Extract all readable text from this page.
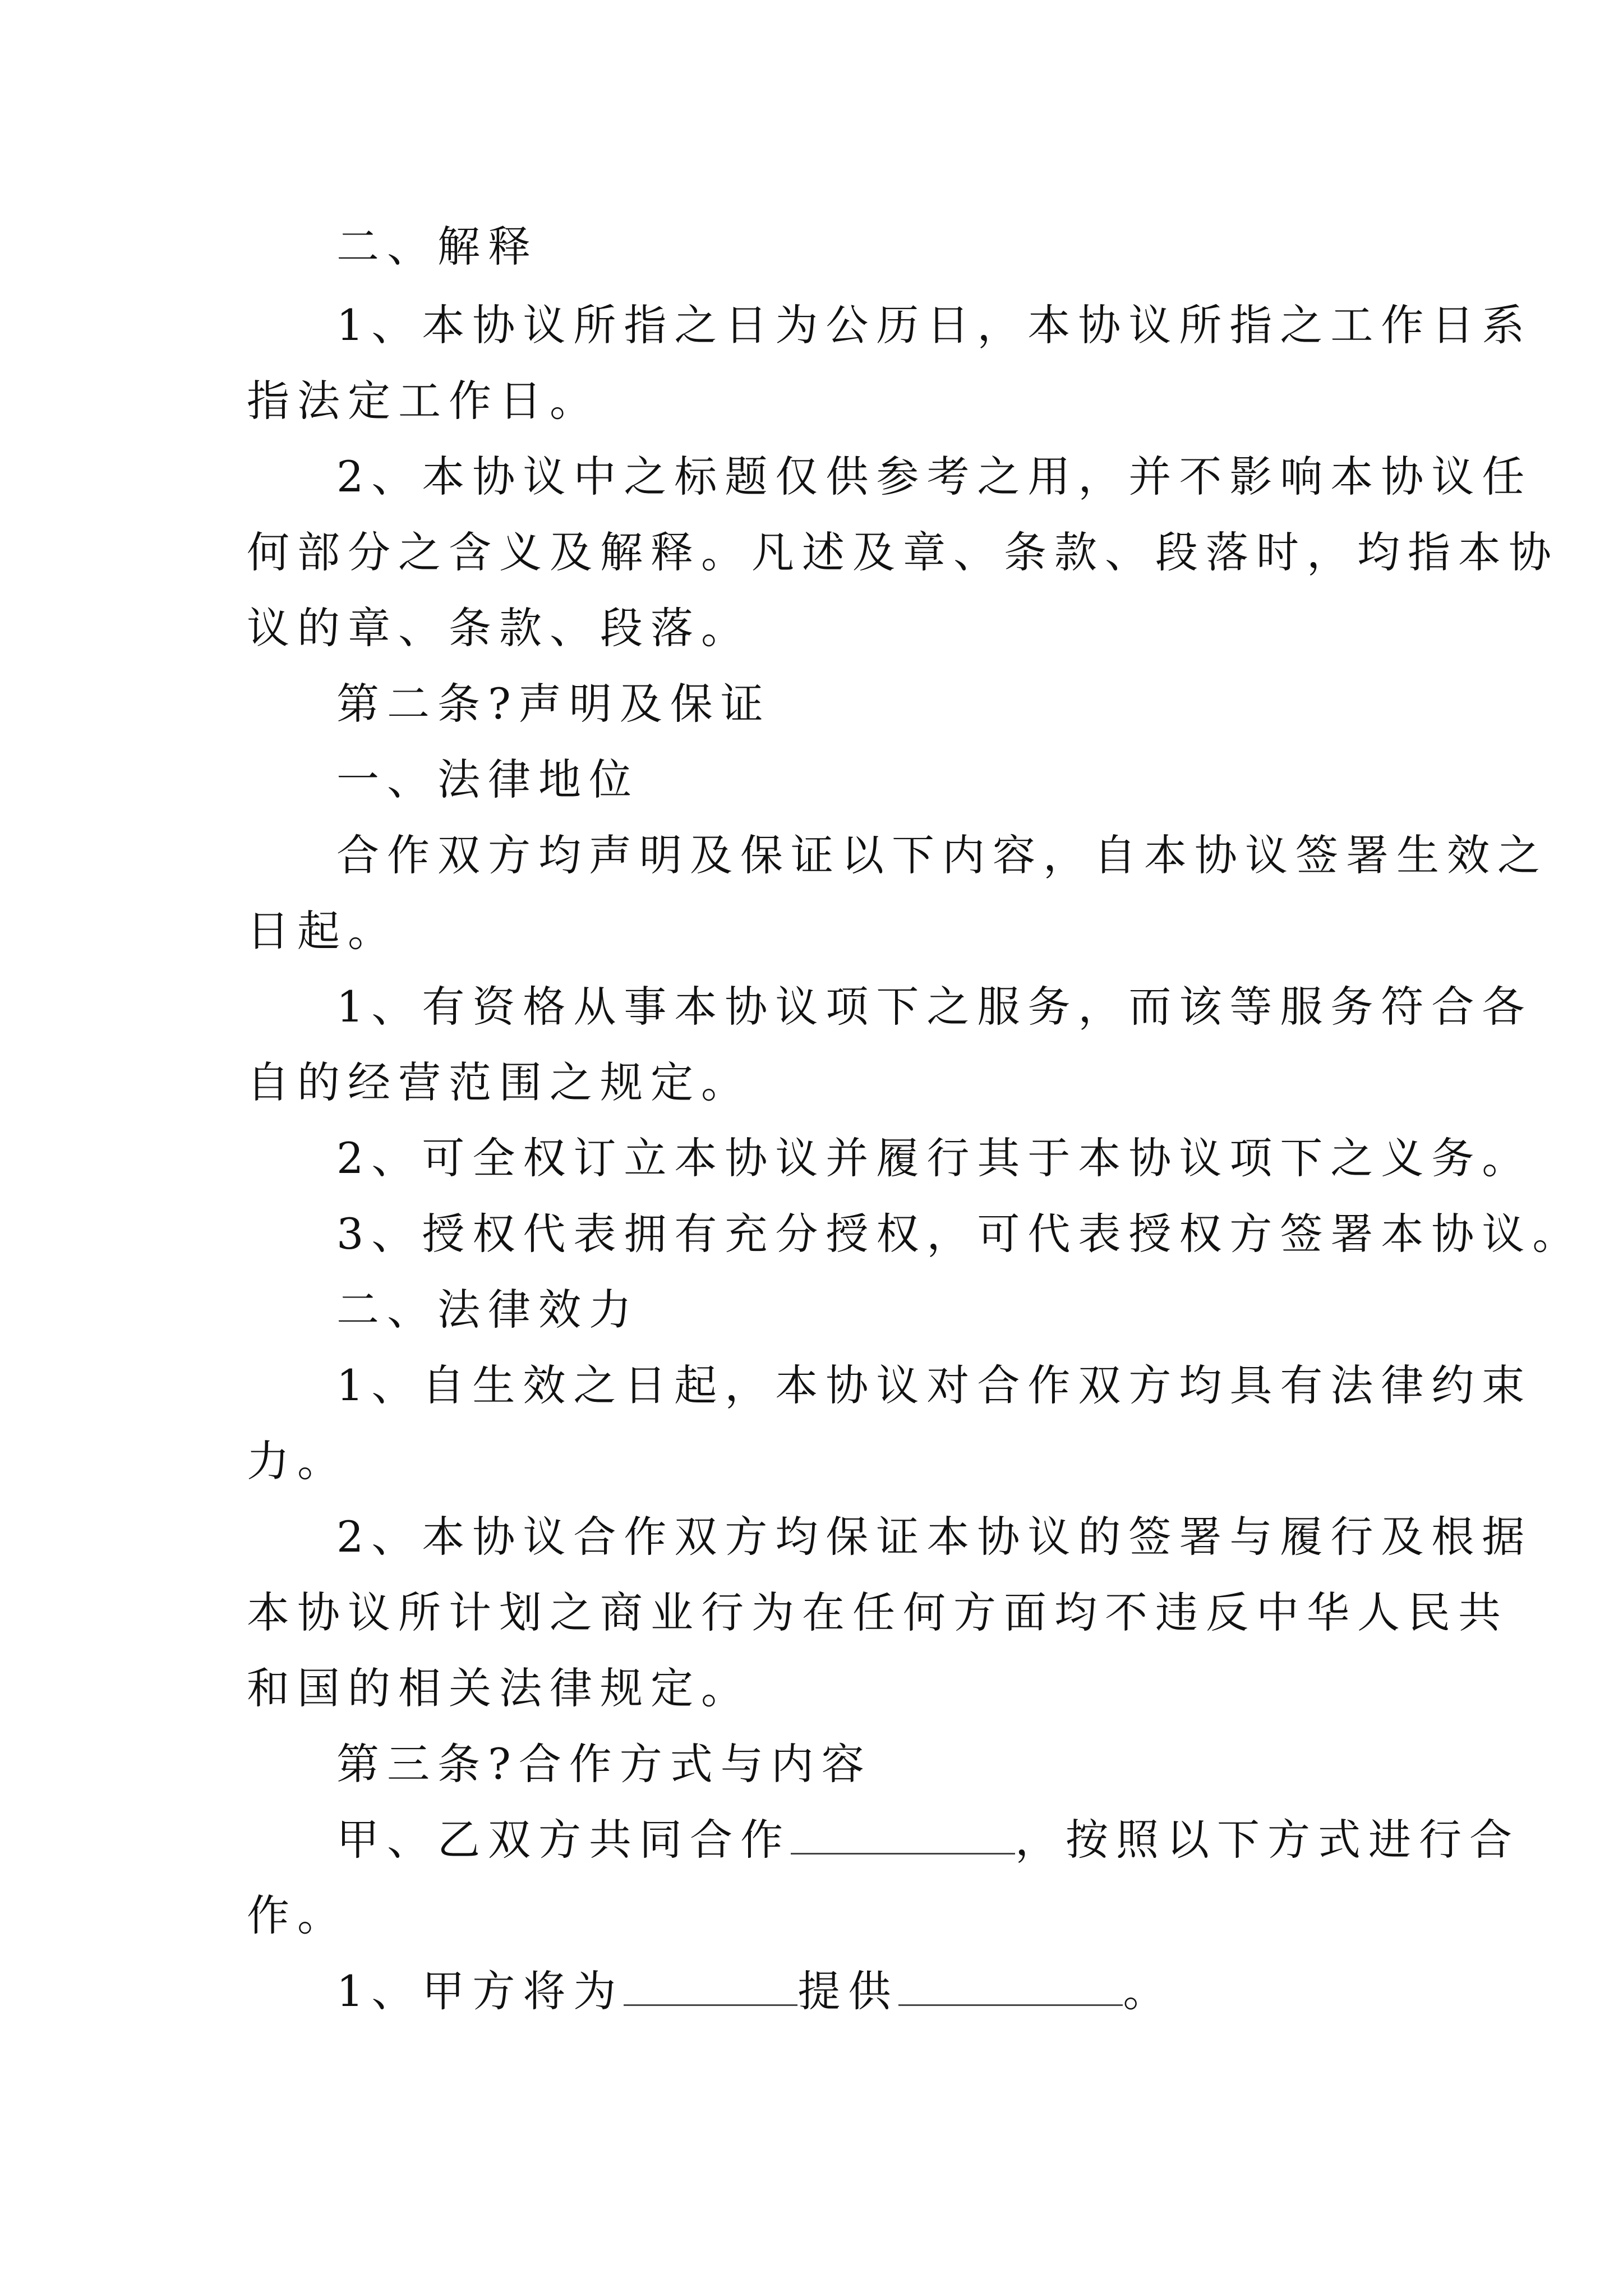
二、解释
1、本协议所指之日为公历日，本协议所指之工作日系
指法定工作日。
2、本协议中之标题仅供参考之用，并不影响本协议任
何部分之含义及解释。凡述及章、条款、段落时，均指本协
议的章、条款、段落。
第二条?声明及保证
一、法律地位
合作双方均声明及保证以下内容，自本协议签署生效之
日起。
1、有资格从事本协议项下之服务，而该等服务符合各
自的经营范围之规定。
2、可全权订立本协议并履行其于本协议项下之义务。
3、授权代表拥有充分授权，可代表授权方签署本协议。
二、法律效力
1、自生效之日起，本协议对合作双方均具有法律约束
力。
2、本协议合作双方均保证本协议的签署与履行及根据
本协议所计划之商业行为在任何方面均不违反中华人民共
和国的相关法律规定。
第三条?合作方式与内容
甲、乙双方共同合作	，按照以下方式进行合
作。
1、甲方将为	提供	。
